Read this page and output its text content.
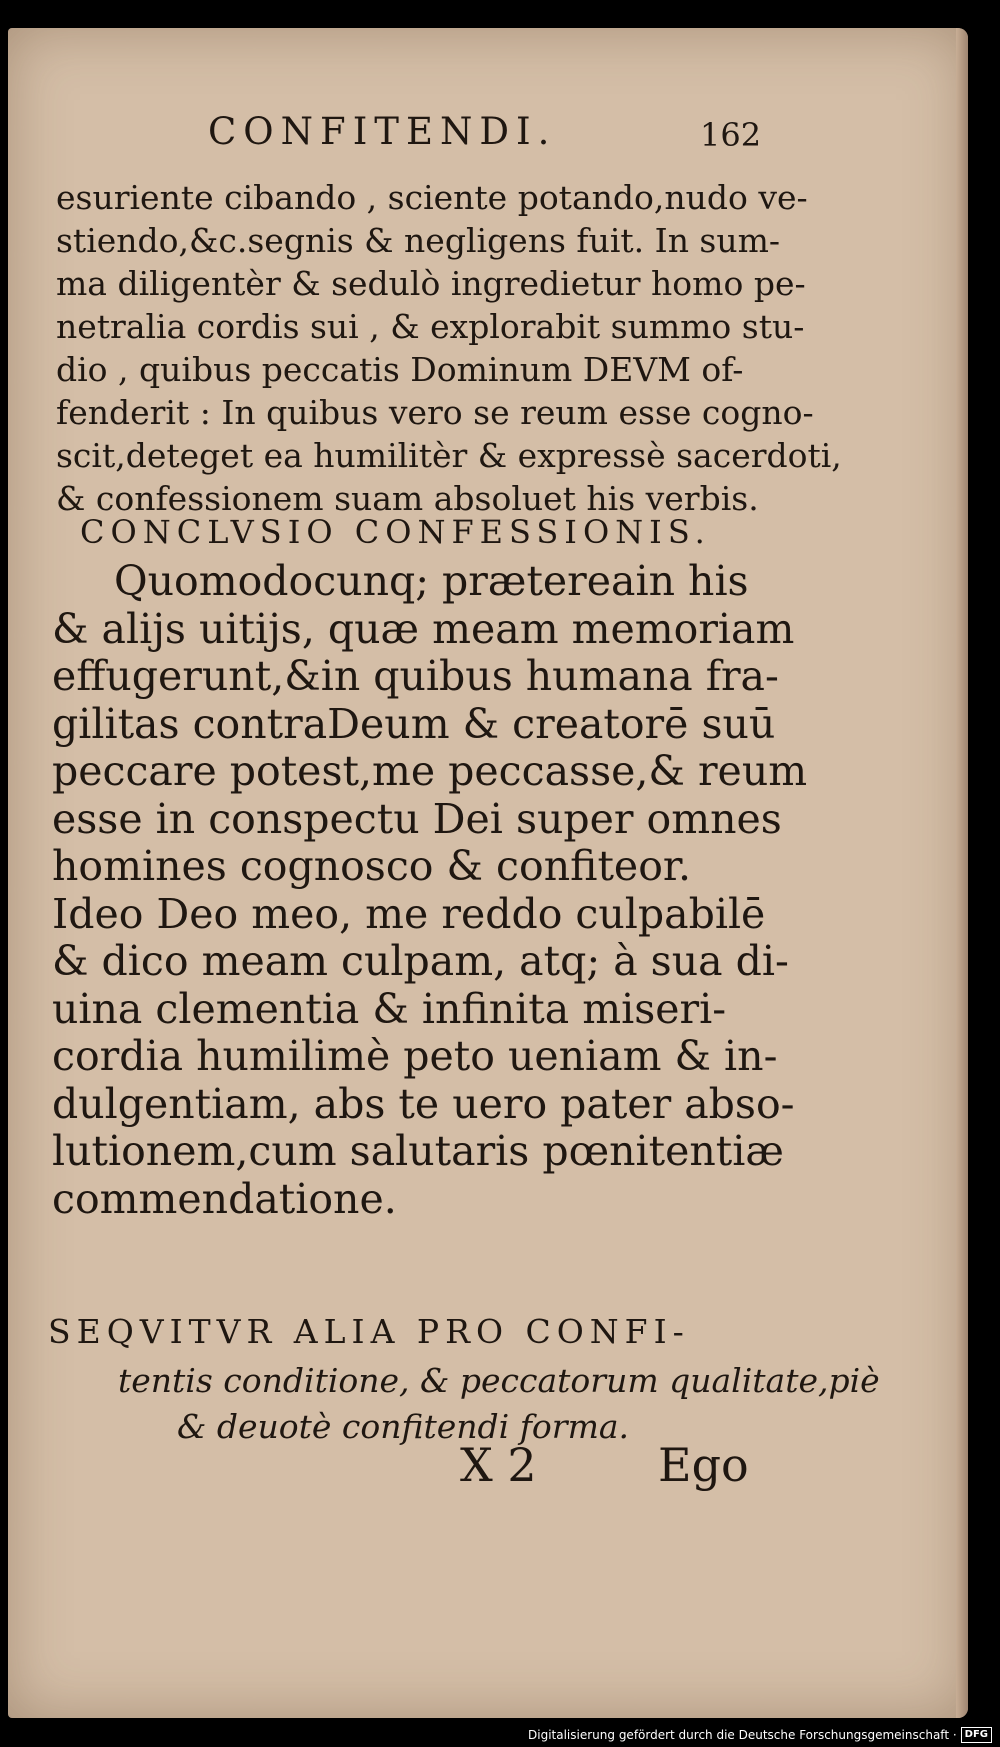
CONFITENDI.	162
esuriente cibando , sciente potando,nudo ve-
stiendo,&c.segnis & negligens fuit. In sum-
ma diligentèr & sedulò ingredietur homo pe-
netralia cordis sui , & explorabit summo stu-
dio , quibus peccatis Dominum DEVM of-
fenderit : In quibus vero se reum esse cogno-
scit,deteget ea humilitèr & expressè sacerdoti,
& confessionem suam absoluet his verbis.
CONCLVSIO CONFESSIONIS.
Quomodocunq; prætereain his
& alijs uitijs, quæ meam memoriam
effugerunt,&in quibus humana fra-
gilitas contraDeum & creatorē suū
peccare potest,me peccasse,& reum
esse in conspectu Dei super omnes
homines cognosco & confiteor.
Ideo Deo meo, me reddo culpabilē
& dico meam culpam, atq; à sua di-
uina clementia & infinita miseri-
cordia humilimè peto ueniam & in-
dulgentiam, abs te uero pater abso-
lutionem,cum salutaris pœnitentiæ
commendatione.
SEQVITVR ALIA PRO CONFI-
tentis conditione, & peccatorum qualitate,piè
& deuotè confitendi forma.
X 2	Ego
Digitalisierung gefördert durch die Deutsche Forschungsgemeinschaft · DFG
